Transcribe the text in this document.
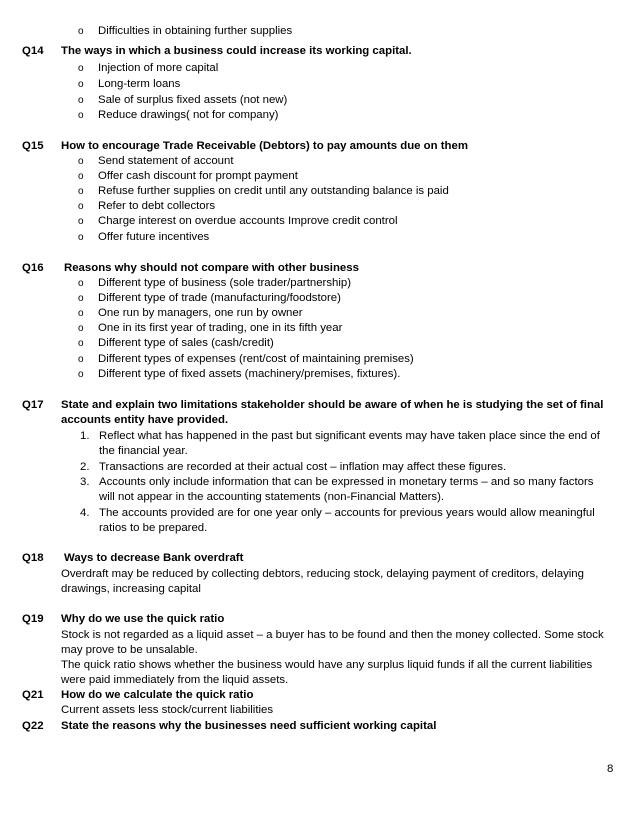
o Difficulties in obtaining further supplies
Q14 The ways in which a business could increase its working capital.
o Injection of more capital
o Long-term loans
o Sale of surplus fixed assets (not new)
o Reduce drawings( not for company)
Q15 How to encourage Trade Receivable (Debtors) to pay amounts due on them
o Send statement of account
o Offer cash discount for prompt payment
o Refuse further supplies on credit until any outstanding balance is paid
o Refer to debt collectors
o Charge interest on overdue accounts Improve credit control
o Offer future incentives
Q16 Reasons why should not compare with other business
o Different type of business (sole trader/partnership)
o Different type of trade (manufacturing/foodstore)
o One run by managers, one run by owner
o One in its first year of trading, one in its fifth year
o Different type of sales (cash/credit)
o Different types of expenses (rent/cost of maintaining premises)
o Different type of fixed assets (machinery/premises, fixtures).
Q17 State and explain two limitations stakeholder should be aware of when he is studying the set of final
accounts entity have provided.
1. Reflect what has happened in the past but significant events may have taken place since the end of
the financial year.
2. Transactions are recorded at their actual cost – inflation may affect these figures.
3. Accounts only include information that can be expressed in monetary terms – and so many factors
will not appear in the accounting statements (non-Financial Matters).
4. The accounts provided are for one year only – accounts for previous years would allow meaningful
ratios to be prepared.
Q18 Ways to decrease Bank overdraft
Overdraft may be reduced by collecting debtors, reducing stock, delaying payment of creditors, delaying
drawings, increasing capital
Q19 Why do we use the quick ratio
Stock is not regarded as a liquid asset – a buyer has to be found and then the money collected. Some stock
may prove to be unsalable.
The quick ratio shows whether the business would have any surplus liquid funds if all the current liabilities
were paid immediately from the liquid assets.
Q21 How do we calculate the quick ratio
Current assets less stock/current liabilities
Q22 State the reasons why the businesses need sufficient working capital
8
